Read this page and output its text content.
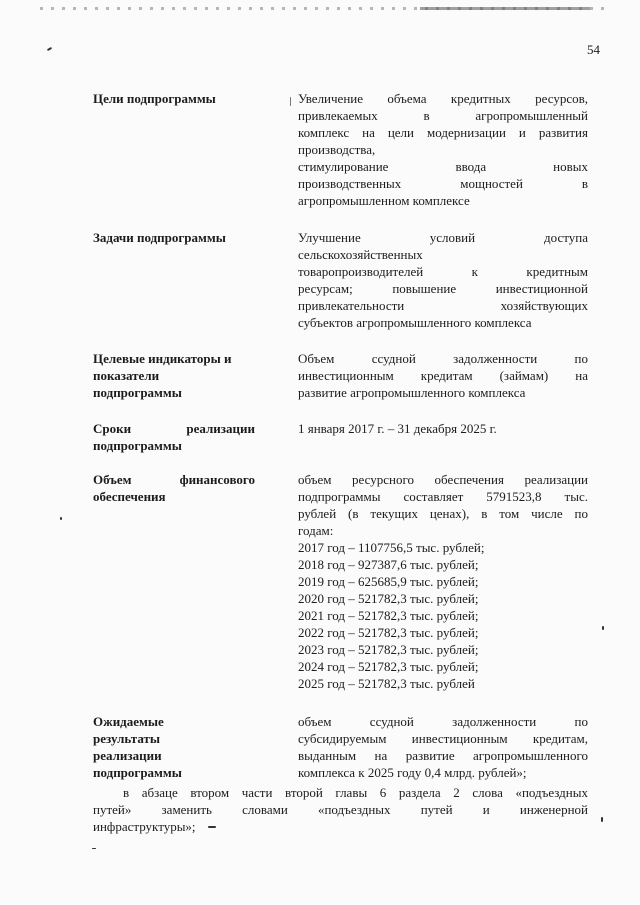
54
Цели подпрограммы	Увеличение объема кредитных ресурсов,
привлекаемых в агропромышленный
комплекс на цели модернизации и развития
производства,
стимулирование ввода новых
производственных мощностей в
агропромышленном комплексе
Задачи подпрограммы	Улучшение условий доступа
сельскохозяйственных
товаропроизводителей к кредитным
ресурсам; повышение инвестиционной
привлекательности хозяйствующих
субъектов агропромышленного комплекса
Целевые индикаторы и
показатели
подпрограммы
Объем ссудной задолженности по
инвестиционным кредитам (займам) на
развитие агропромышленного комплекса
Сроки реализации
подпрограммы
1 января 2017 г. – 31 декабря 2025 г.
Объем финансового
обеспечения
объем ресурсного обеспечения реализации
подпрограммы составляет 5791523,8 тыс.
рублей (в текущих ценах), в том числе по
годам:
2017 год – 1107756,5 тыс. рублей;
2018 год – 927387,6 тыс. рублей;
2019 год – 625685,9 тыс. рублей;
2020 год – 521782,3 тыс. рублей;
2021 год – 521782,3 тыс. рублей;
2022 год – 521782,3 тыс. рублей;
2023 год – 521782,3 тыс. рублей;
2024 год – 521782,3 тыс. рублей;
2025 год – 521782,3 тыс. рублей
Ожидаемые
результаты
реализации
подпрограммы
объем ссудной задолженности по
субсидируемым инвестиционным кредитам,
выданным на развитие агропромышленного
комплекса к 2025 году 0,4 млрд. рублей»;
в абзаце втором части второй главы 6 раздела 2 слова «подъездных
путей» заменить словами «подъездных путей и инженерной
инфраструктуры»;
